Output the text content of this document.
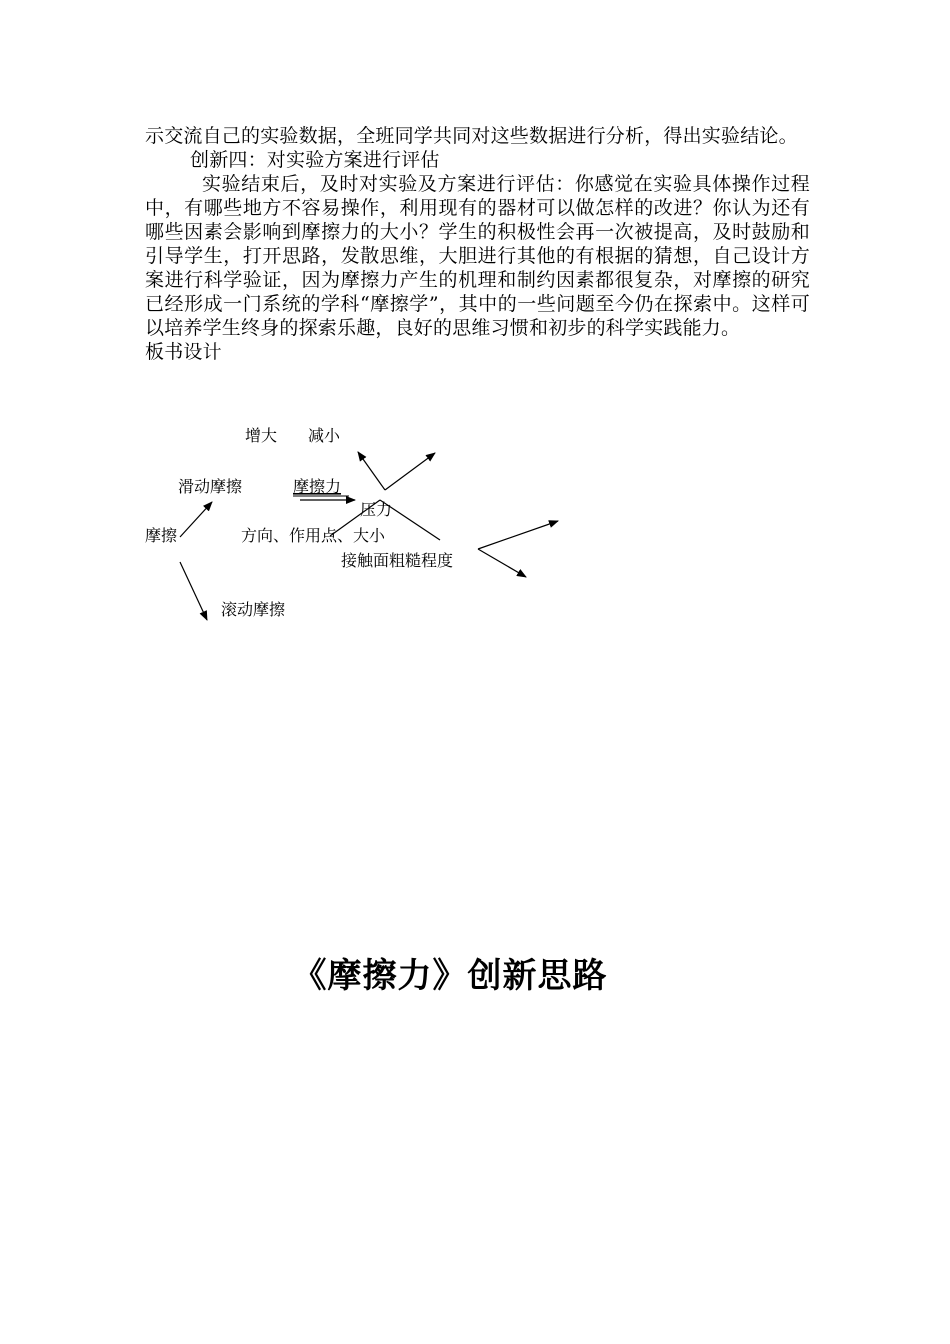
示交流自己的实验数据，全班同学共同对这些数据进行分析，得出实验结论。

创新四：对实验方案进行评估

实验结束后，及时对实验及方案进行评估：你感觉在实验具体操作过程中，有哪些地方不容易操作，利用现有的器材可以做怎样的改进？你认为还有哪些因素会影响到摩擦力的大小？学生的积极性会再一次被提高，及时鼓励和引导学生，打开思路，发散思维，大胆进行其他的有根据的猜想，自己设计方案进行科学验证，因为摩擦力产生的机理和制约因素都很复杂，对摩擦的研究已经形成一门系统的学科“摩擦学”，其中的一些问题至今仍在探索中。这样可以培养学生终身的探索乐趣，良好的思维习惯和初步的科学实践能力。

板书设计

增大 减小
滑动摩擦	摩擦力
压力
摩擦	方向、作用点、大小
接触面粗糙程度
滚动摩擦
《摩擦力》创新思路
